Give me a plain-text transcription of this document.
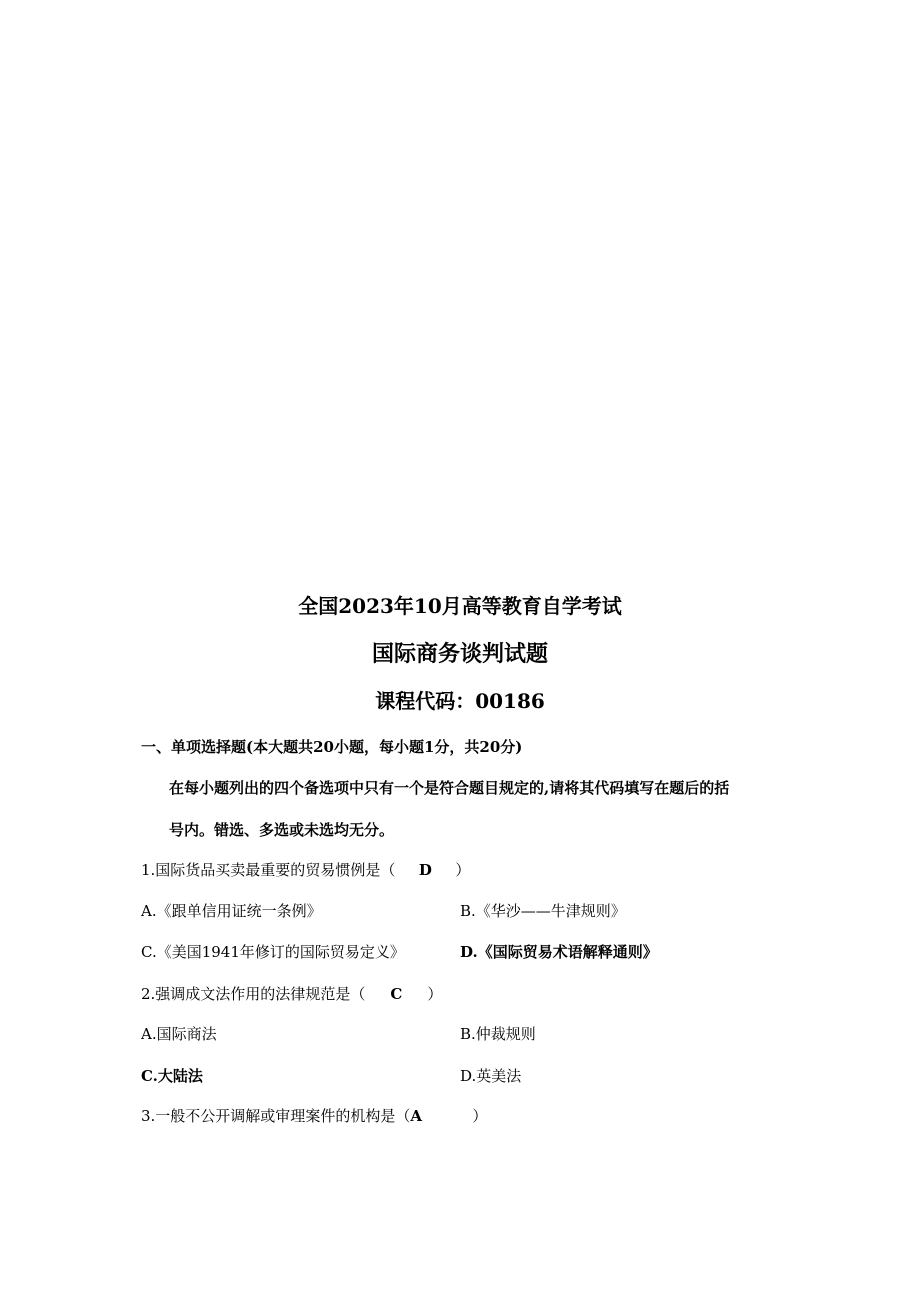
全国2023年10月高等教育自学考试
国际商务谈判试题
课程代码：00186
一、单项选择题(本大题共20小题，每小题1分，共20分)
在每小题列出的四个备选项中只有一个是符合题目规定的,请将其代码填写在题后的括
号内。错选、多选或未选均无分。
1.国际货品买卖最重要的贸易惯例是（ D ）
A.《跟单信用证统一条例》	B.《华沙——牛津规则》
C.《美国1941年修订的国际贸易定义》	D.《国际贸易术语解释通则》
2.强调成文法作用的法律规范是（ C ）
A.国际商法	B.仲裁规则
C.大陆法	D.英美法
3.一般不公开调解或审理案件的机构是（A	）
